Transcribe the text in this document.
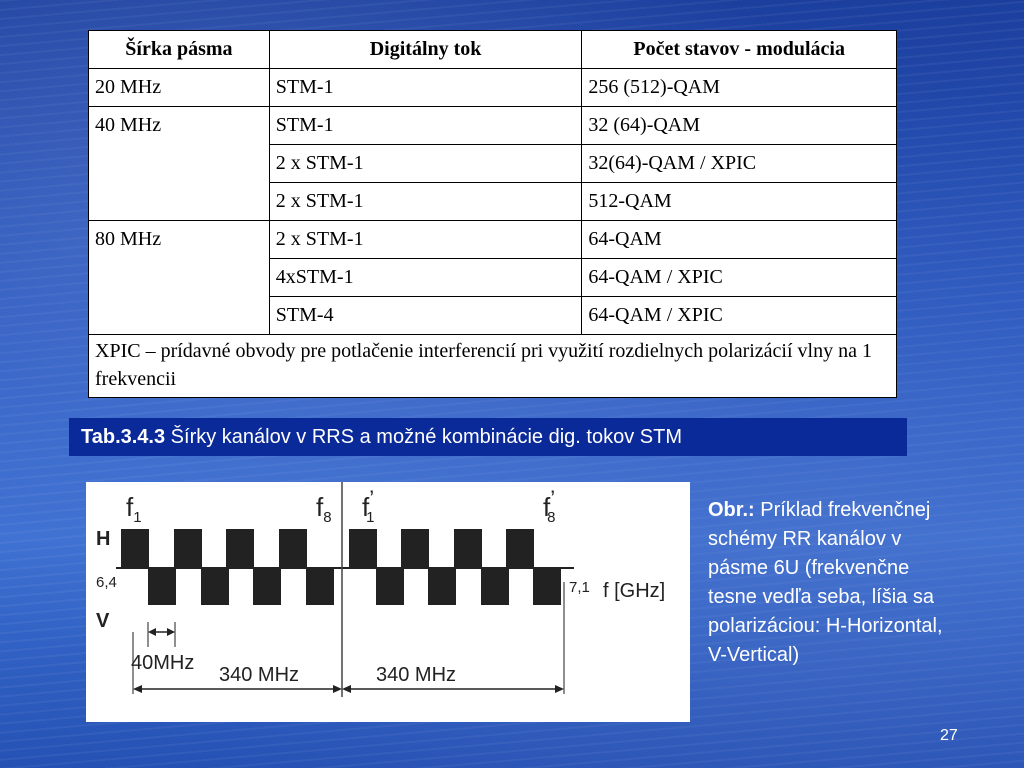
Šírka pásma	Digitálny tok	Počet stavov - modulácia
20 MHz	STM-1	256 (512)-QAM
40 MHz	STM-1	32 (64)-QAM
	2 x STM-1	32(64)-QAM / XPIC
	2 x STM-1	512-QAM
80 MHz	2 x STM-1	64-QAM
	4xSTM-1	64-QAM / XPIC
	STM-4	64-QAM / XPIC
XPIC – prídavné obvody pre potlačenie interferencií pri využití rozdielnych polarizácií vlny na 1 frekvencii		
Tab.3.4.3 Šírky kanálov v RRS a možné kombinácie dig. tokov STM
$f_1$	$f_8$ f’ 1	f’ 8
H
6,4
V
7,1 f [GHz]
40MHz
340 MHz	340 MHz
Obr.: Príklad frekvenčnej schémy RR kanálov v pásme 6U (frekvenčne tesne vedľa seba, líšia sa polarizáciou: H-Horizontal, V-Vertical)
27
